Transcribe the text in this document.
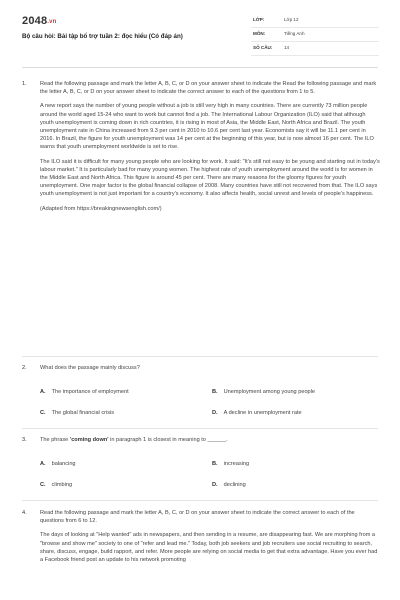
2048.vn
Bộ câu hỏi: Bài tập bổ trợ tuần 2: đọc hiểu (Có đáp án)
LỚP:	Lớp 12
MÔN:	Tiếng Anh
SỐ CÂU:	14
1. Read the following passage and mark the letter A, B, C, or D on your answer sheet to indicate the Read the following passage and mark the letter A, B, C, or D on your answer sheet to indicate the correct answer to each of the questions from 1 to 5.

A new report says the number of young people without a job is still very high in many countries. There are currently 73 million people around the world aged 15-24 who want to work but cannot find a job. The International Labour Organization (ILO) said that although youth unemployment is coming down in rich countries, it is rising in most of Asia, the Middle East, North Africa and Brazil. The youth unemployment rate in China increased from 9.3 per cent in 2010 to 10.6 per cent last year. Economists say it will be 11.1 per cent in 2016. In Brazil, the figure for youth unemployment was 14 per cent at the beginning of this year, but is now almost 16 per cent. The ILO warns that youth unemployment worldwide is set to rise.

The ILO said it is difficult for many young people who are looking for work. It said: "It's still not easy to be young and starting out in today's labour market." It is particularly bad for many young women. The highest rate of youth unemployment around the world is for women in the Middle East and North Africa. This figure is around 45 per cent. There are many reasons for the gloomy figures for youth unemployment. One major factor is the global financial collapse of 2008. Many countries have still not recovered from that. The ILO says youth unemployment is not just important for a country's economy. It also affects health, social unrest and levels of people's happiness.

(Adapted from https://breakingnewsenglish.com/)

2. What does the passage mainly discuss?
A. The importance of employment	B. Unemployment among young people
C. The global financial crisis	D. A decline in unemployment rate
3. The phrase 'coming down' in paragraph 1 is closest in meaning to ______.
A. balancing	B. increasing
C. climbing	D. declining
4. Read the following passage and mark the letter A, B, C, or D on your answer sheet to indicate the correct answer to each of the questions from 6 to 12.

The days of looking at "Help wanted" ads in newspapers, and then sending in a resume, are disappearing fast. We are morphing from a "browse and show me" society to one of "refer and lead me." Today, both job seekers and job recruiters use social recruiting to search, share, discuss, engage, build rapport, and refer. More people are relying on social media to get that extra advantage. Have you ever had a Facebook friend post an update to his network promoting
